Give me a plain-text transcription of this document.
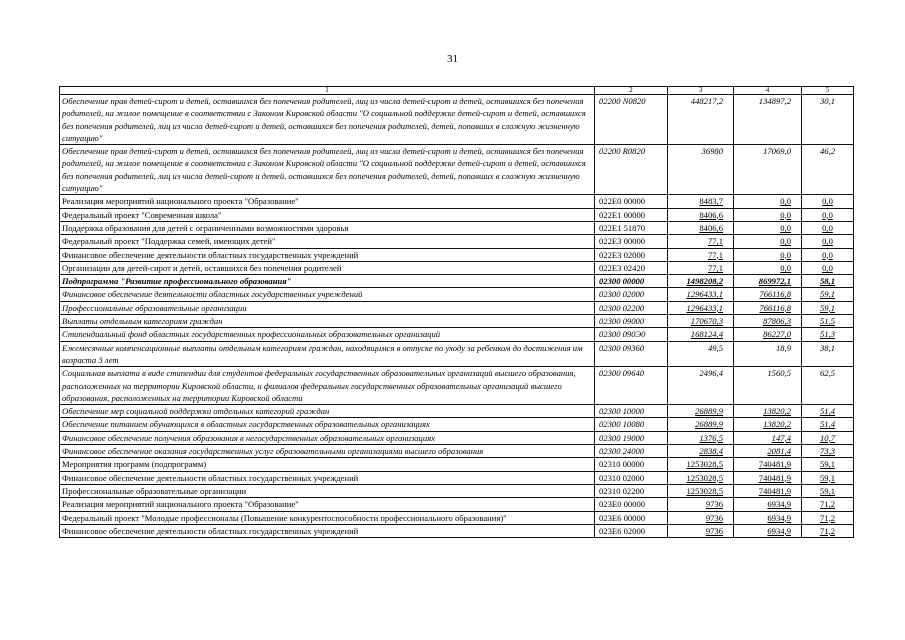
31
1	2	3	4	5
Обеспечение прав детей-сирот и детей, оставшихся без попечения родителей, лиц из числа детей-сирот и детей, оставшихся без попечения родителей, на жилое помещение в соответствии с Законом Кировской области "О социальной поддержке детей-сирот и детей, оставшихся без попечения родителей, лиц из числа детей-сирот и детей, оставшихся без попечения родителей, детей, попавших в сложную жизненную ситуацию"	02200 N0820	448217,2	134897,2	30,1
Обеспечение прав детей-сирот и детей, оставшихся без попечения родителей, лиц из числа детей-сирот и детей, оставшихся без попечения родителей, на жилое помещение в соответствии с Законом Кировской области "О социальной поддержке детей-сирот и детей, оставшихся без попечения родителей, лиц из числа детей-сирот и детей, оставшихся без попечения родителей, детей, попавших в сложную жизненную ситуацию"	02200 R0820	36980	17069,0	46,2
Реализация мероприятий национального проекта "Образование"	022E0 00000	8483,7	0,0	0,0
Федеральный проект "Современная школа"	022E1 00000	8406,6	0,0	0,0
Поддержка образования для детей с ограниченными возможностями здоровья	022E1 51870	8406,6	0,0	0,0
Федеральный проект "Поддержка семей, имеющих детей"	022E3 00000	77,1	0,0	0,0
Финансовое обеспечение деятельности областных государственных учреждений	022E3 02000	77,1	0,0	0,0
Организации для детей-сирот и детей, оставшихся без попечения родителей	022E3 02420	77,1	0,0	0,0
Подпрограмма "Развитие профессионального образования"	02300 00000	1498208,2	869972,1	58,1
Финансовое обеспечение деятельности областных государственных учреждений	02300 02000	1296433,1	766116,8	59,1
Профессиональные образовательные организации	02300 02200	1296433,1	766116,8	59,1
Выплаты отдельным категориям граждан	02300 09000	170670,3	87806,3	51,5
Стипендиальный фонд областных государственных профессиональных образовательных организаций	02300 090Э0	168124,4	86227,0	51,3
Ежемесячные компенсационные выплаты отдельным категориям граждан, находящимся в отпуске по уходу за ребенком до достижения им возраста 3 лет	02300 09360	49,5	18,9	38,1
Социальная выплата в виде стипендии для студентов федеральных государственных образовательных организаций высшего образования, расположенных на территории Кировской области, и филиалов федеральных государственных образовательных организаций высшего образования, расположенных на территории Кировской области	02300 09640	2496,4	1560,5	62,5
Обеспечение мер социальной поддержки отдельных категорий граждан	02300 10000	26889,9	13820,2	51,4
Обеспечение питанием обучающихся в областных государственных образовательных организациях	02300 10080	26889,9	13820,2	51,4
Финансовое обеспечение получения образования в негосударственных образовательных организациях	02300 19000	1376,5	147,4	10,7
Финансовое обеспечение оказания государственных услуг образовательными организациями высшего образования	02300 24000	2838,4	2081,4	73,3
Мероприятия программ (подпрограмм)	02310 00000	1253028,5	740481,9	59,1
Финансовое обеспечение деятельности областных государственных учреждений	02310 02000	1253028,5	740481,9	59,1
Профессиональные образовательные организации	02310 02200	1253028,5	740481,9	59,1
Реализация мероприятий национального проекта "Образование"	023E0 00000	9736	6934,9	71,2
Федеральный проект "Молодые профессионалы (Повышение конкурентоспособности профессионального образования)"	023E6 00000	9736	6934,9	71,2
Финансовое обеспечение деятельности областных государственных учреждений	023E6 02000	9736	6934,9	71,2
